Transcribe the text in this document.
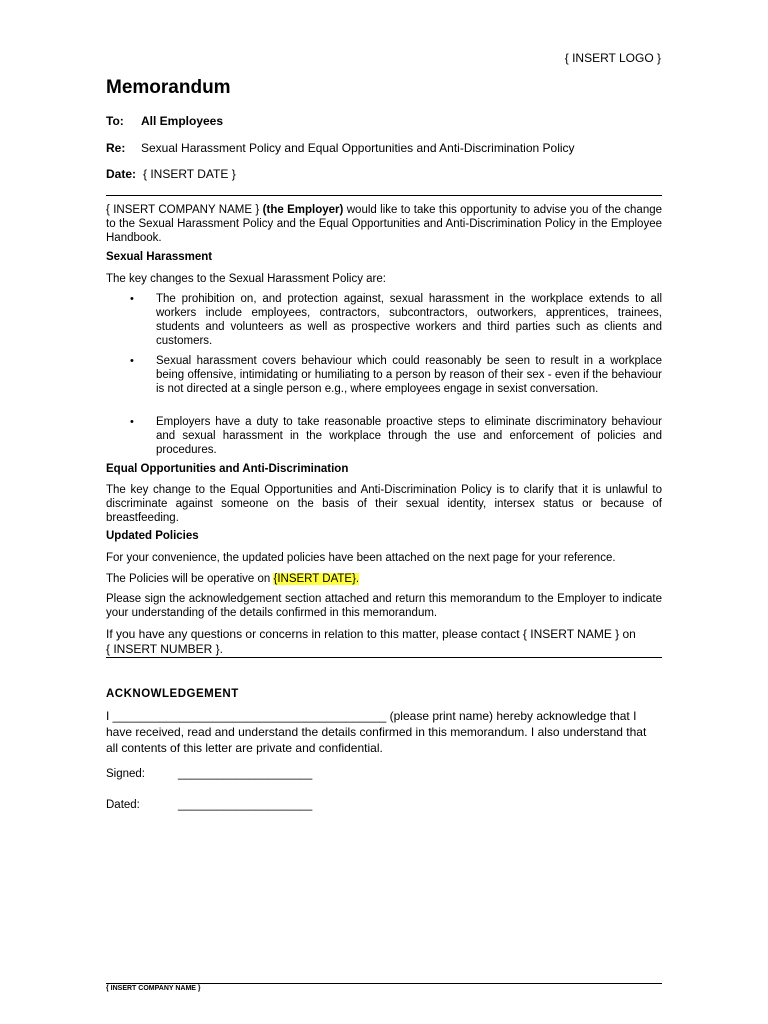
{ INSERT LOGO }
Memorandum
To: All Employees
Re: Sexual Harassment Policy and Equal Opportunities and Anti-Discrimination Policy
Date: { INSERT DATE }
{ INSERT COMPANY NAME } (the Employer) would like to take this opportunity to advise you of the change to the Sexual Harassment Policy and the Equal Opportunities and Anti-Discrimination Policy in the Employee Handbook.
Sexual Harassment
The key changes to the Sexual Harassment Policy are:
• The prohibition on, and protection against, sexual harassment in the workplace extends to all workers include employees, contractors, subcontractors, outworkers, apprentices, trainees, students and volunteers as well as prospective workers and third parties such as clients and customers.
• Sexual harassment covers behaviour which could reasonably be seen to result in a workplace being offensive, intimidating or humiliating to a person by reason of their sex - even if the behaviour is not directed at a single person e.g., where employees engage in sexist conversation.
• Employers have a duty to take reasonable proactive steps to eliminate discriminatory behaviour and sexual harassment in the workplace through the use and enforcement of policies and procedures.
Equal Opportunities and Anti-Discrimination
The key change to the Equal Opportunities and Anti-Discrimination Policy is to clarify that it is unlawful to discriminate against someone on the basis of their sexual identity, intersex status or because of breastfeeding.
Updated Policies
For your convenience, the updated policies have been attached on the next page for your reference.
The Policies will be operative on {INSERT DATE}.
Please sign the acknowledgement section attached and return this memorandum to the Employer to indicate your understanding of the details confirmed in this memorandum.
If you have any questions or concerns in relation to this matter, please contact { INSERT NAME } on
{ INSERT NUMBER }.
ACKNOWLEDGEMENT
I _________________________________________ (please print name) hereby acknowledge that I
have received, read and understand the details confirmed in this memorandum. I also understand that
all contents of this letter are private and confidential.
Signed:	_____________________
Dated:	_____________________
{ INSERT COMPANY NAME }
